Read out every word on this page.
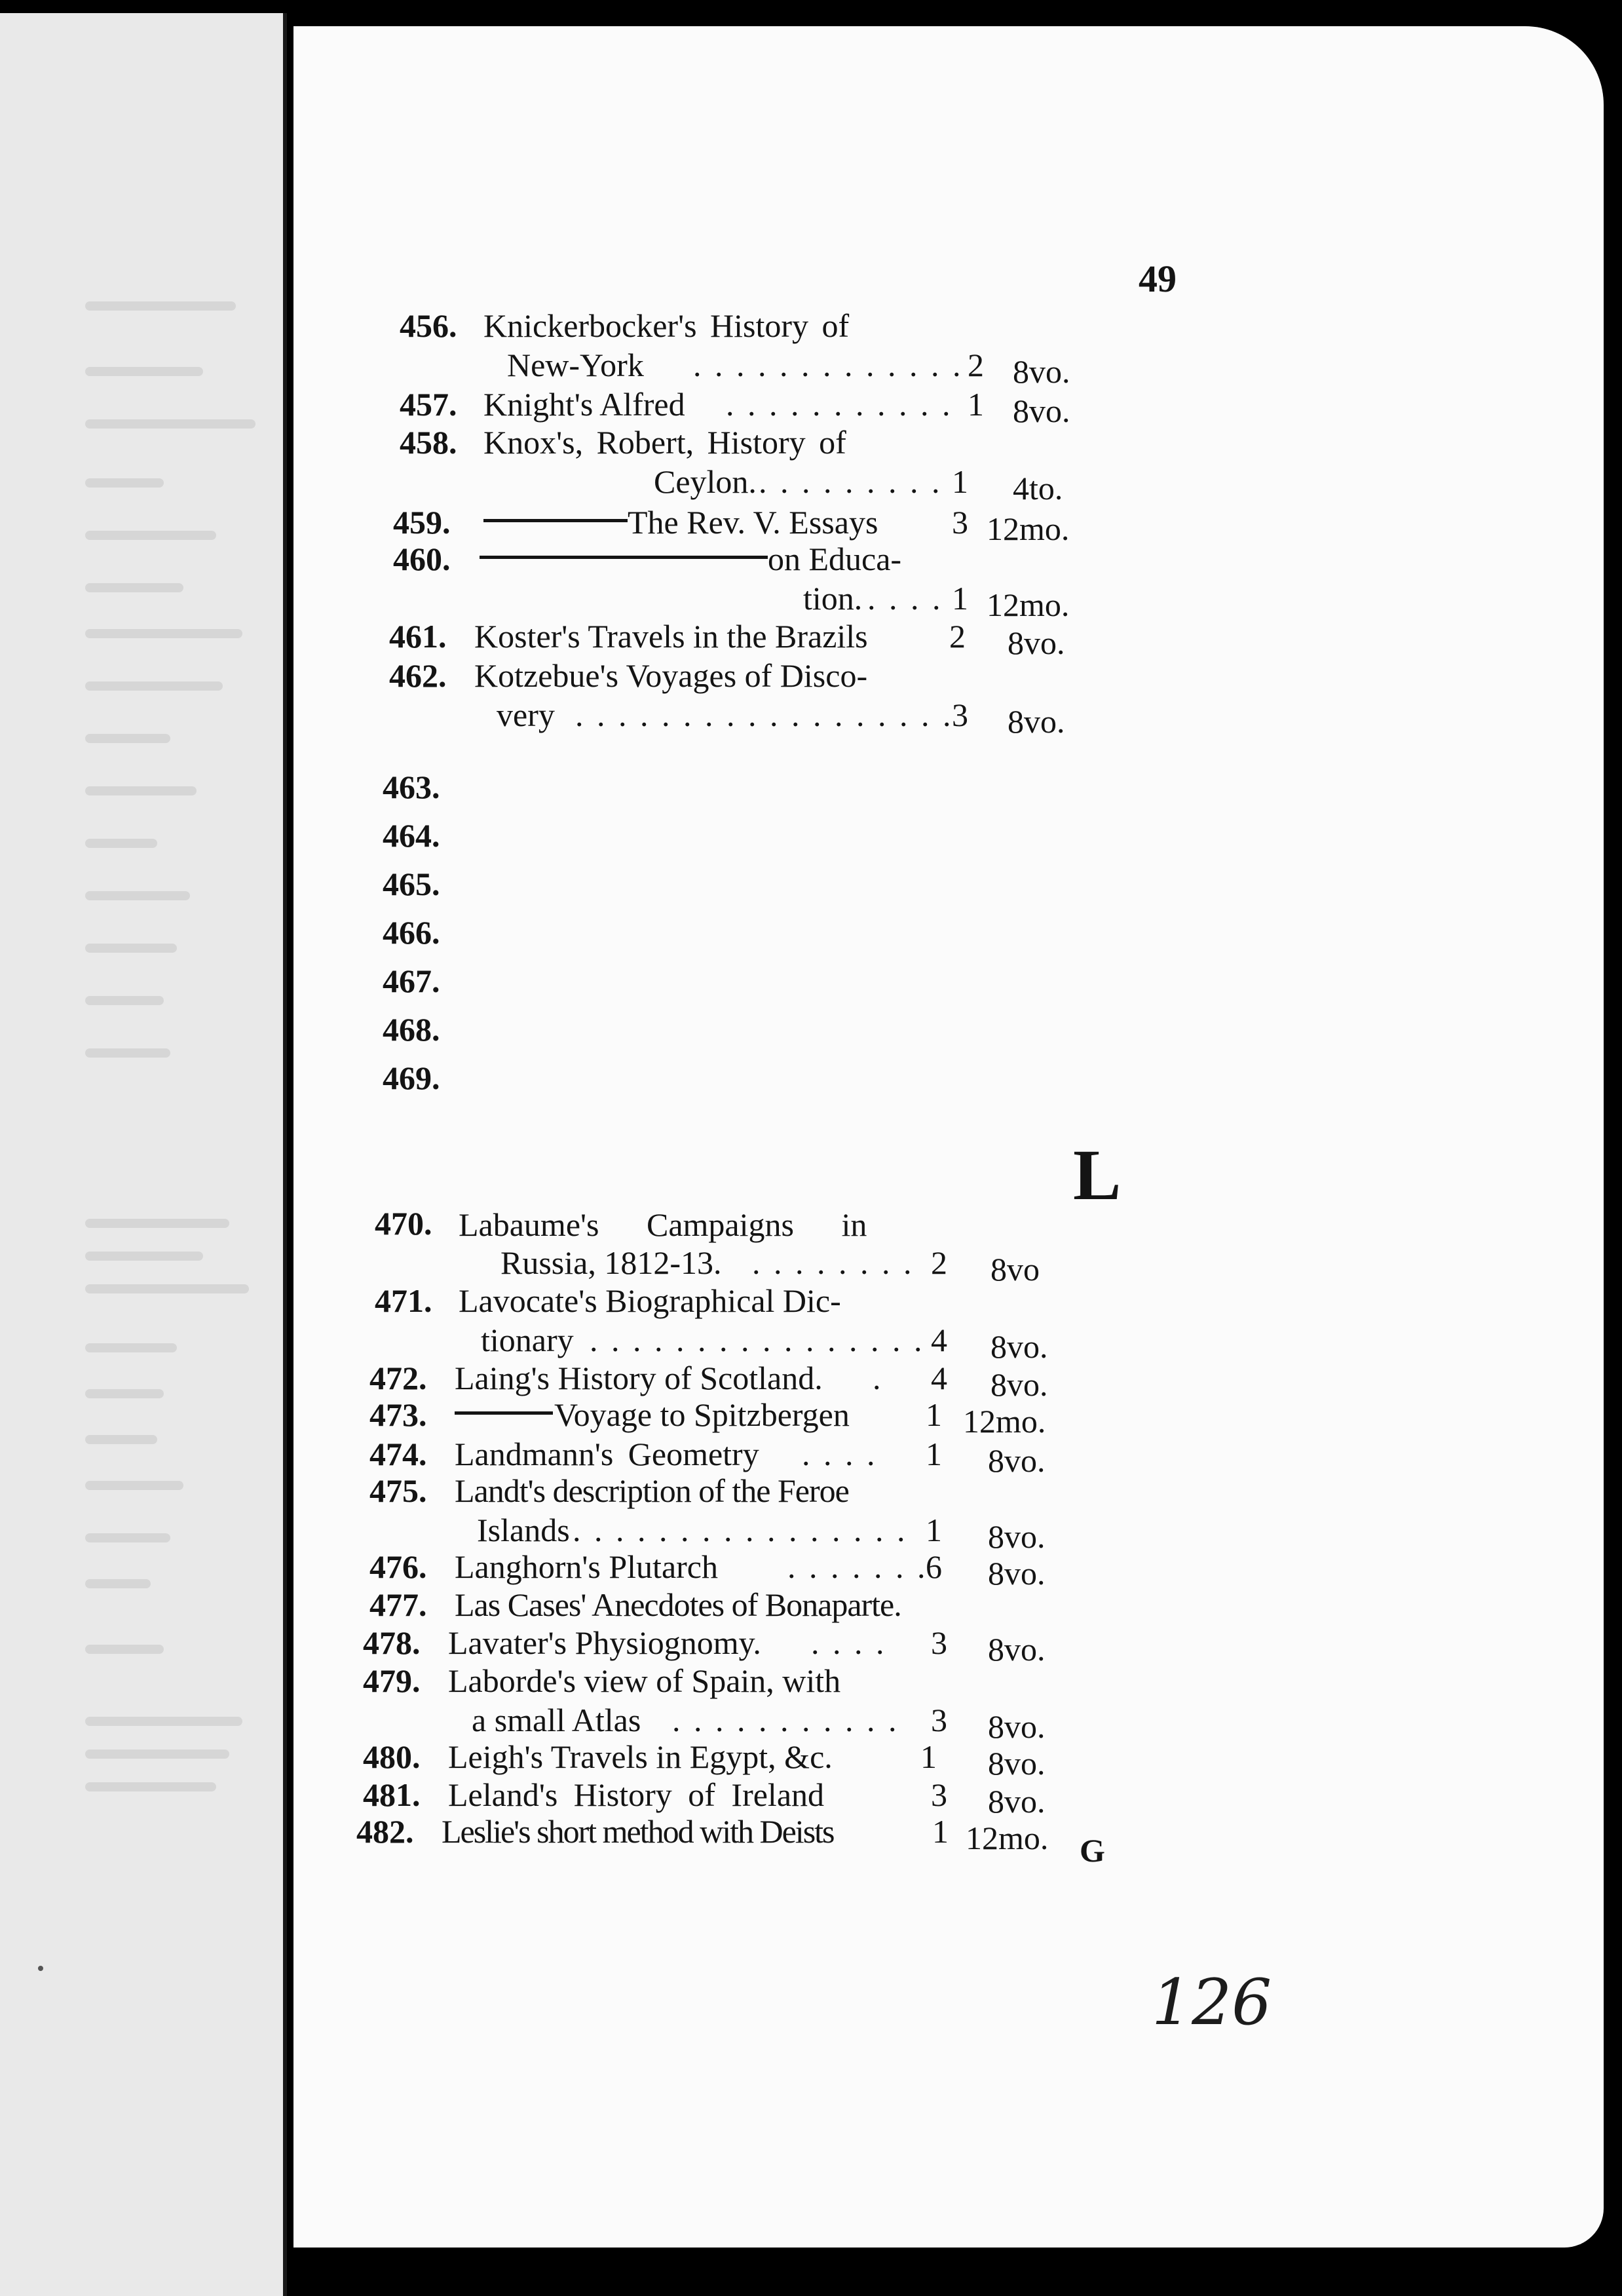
49
456. Knickerbocker's History of
New-York . . . . . . . . . . . . . 2 8vo.
457. Knight's Alfred . . . . . . . . . . . 1 8vo.
458. Knox's, Robert, History of
Ceylon. . . . . . . . . . 1 4to.
459.	The Rev. V. Essays	3 12mo.
460.	on Educa-
tion. . . . . 1 12mo.
461. Koster's Travels in the Brazils	2 8vo.
462. Kotzebue's Voyages of Disco-
very . . . . . . . . . . . . . . . . . .
3 8vo.
463.
464.
465.
466.
467.
468.
469.
L
470. Labaume's Campaigns in
Russia, 1812-13. . . . . . . . . 2 8vo
471. Lavocate's Biographical Dic-
tionary . . . . . . . . . . . . . . . . 4 8vo.
472. Laing's History of Scotland. .	4 8vo.
473.	Voyage to Spitzbergen	1 12mo.
474. Landmann's Geometry . . . .	1 8vo.
475. Landt's description of the Feroe
Islands . . . . . . . . . . . . . . . . 1 8vo.
476. Langhorn's Plutarch . . . . . . .
6 8vo.
477. Las Cases' Anecdotes of Bonaparte.
478. Lavater's Physiognomy. . . . .	3 8vo.
479. Laborde's view of Spain, with
a small Atlas . . . . . . . . . . . 3 8vo.
480. Leigh's Travels in Egypt, &c.	1 8vo.
481. Leland's History of Ireland	3 8vo.
482. Leslie's short method with Deists	1 12mo. G
126
